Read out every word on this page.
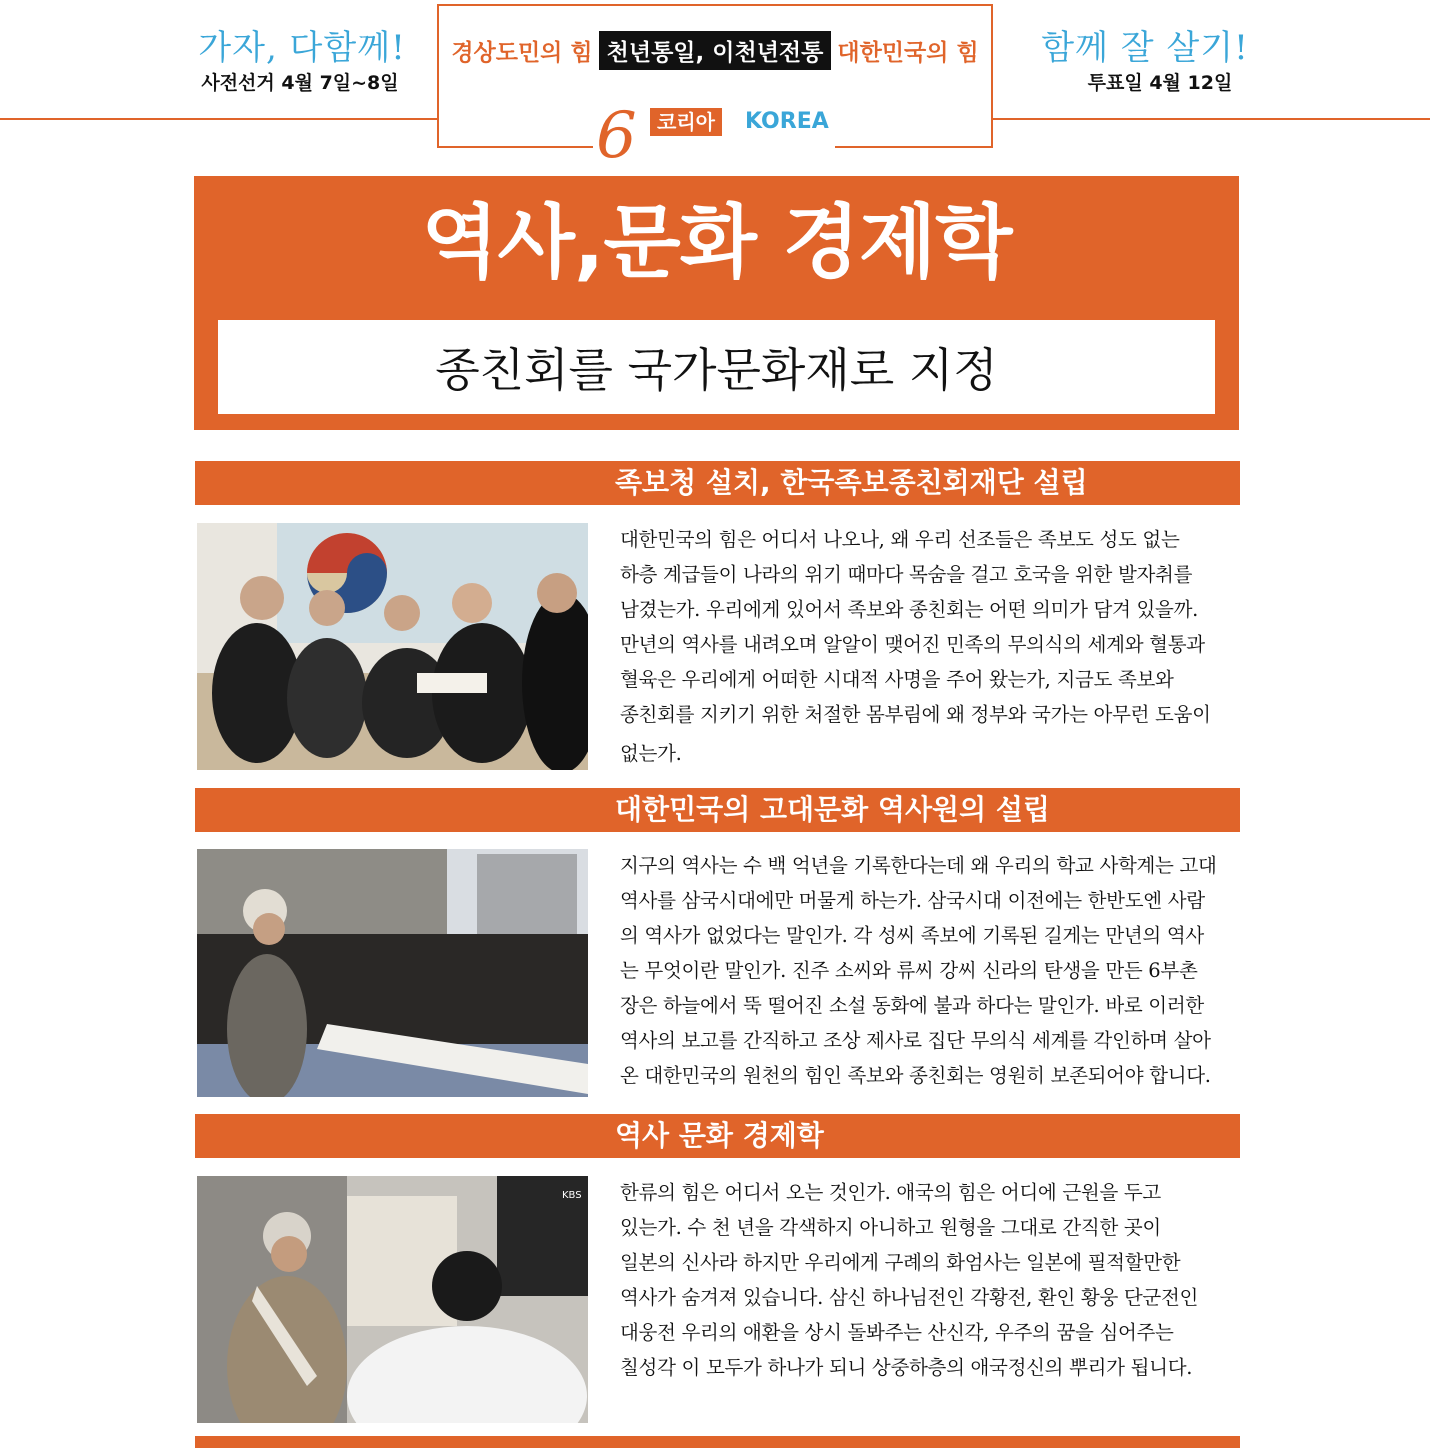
가자, 다함께!
사전선거 4월 7일~8일
경상도민의 힘 천년통일, 이천년전통 대한민국의 힘	함께 잘 살기!
투표일 4월 12일
6	코리아	KOREA
역사,문화 경제학
종친회를 국가문화재로 지정
족보청 설치, 한국족보종친회재단 설립
대한민국의 힘은 어디서 나오나, 왜 우리 선조들은 족보도 성도 없는
하층 계급들이 나라의 위기 때마다 목숨을 걸고 호국을 위한 발자취를
남겼는가. 우리에게 있어서 족보와 종친회는 어떤 의미가 담겨 있을까.
만년의 역사를 내려오며 알알이 맺어진 민족의 무의식의 세계와 혈통과
혈육은 우리에게 어떠한 시대적 사명을 주어 왔는가, 지금도 족보와
종친회를 지키기 위한 처절한 몸부림에 왜 정부와 국가는 아무런 도움이
없는가.
대한민국의 고대문화 역사원의 설립
지구의 역사는 수 백 억년을 기록한다는데 왜 우리의 학교 사학계는 고대
역사를 삼국시대에만 머물게 하는가. 삼국시대 이전에는 한반도엔 사람
의 역사가 없었다는 말인가. 각 성씨 족보에 기록된 길게는 만년의 역사
는 무엇이란 말인가. 진주 소씨와 류씨 강씨 신라의 탄생을 만든 6부촌
장은 하늘에서 뚝 떨어진 소설 동화에 불과 하다는 말인가. 바로 이러한
역사의 보고를 간직하고 조상 제사로 집단 무의식 세계를 각인하며 살아
온 대한민국의 원천의 힘인 족보와 종친회는 영원히 보존되어야 합니다.
역사 문화 경제학
KBS 한류의 힘은 어디서 오는 것인가. 애국의 힘은 어디에 근원을 두고
있는가. 수 천 년을 각색하지 아니하고 원형을 그대로 간직한 곳이
일본의 신사라 하지만 우리에게 구례의 화엄사는 일본에 필적할만한
역사가 숨겨져 있습니다. 삼신 하나님전인 각황전, 환인 황웅 단군전인
대웅전 우리의 애환을 상시 돌봐주는 산신각, 우주의 꿈을 심어주는
칠성각 이 모두가 하나가 되니 상중하층의 애국정신의 뿌리가 됩니다.
